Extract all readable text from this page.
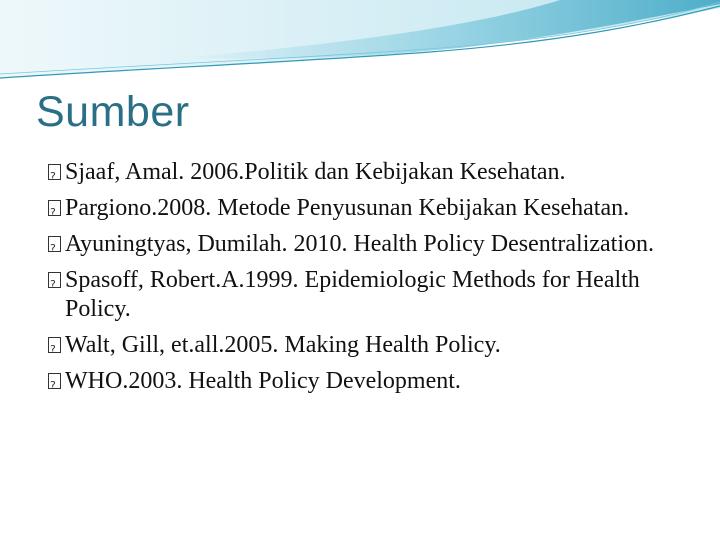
Sumber
?
Sjaaf, Amal. 2006.Politik dan Kebijakan Kesehatan.
?
Pargiono.2008. Metode Penyusunan Kebijakan Kesehatan.
?
Ayuningtyas, Dumilah. 2010. Health Policy Desentralization.
?
Spasoff, Robert.A.1999. Epidemiologic Methods for Health Policy.
?
Walt, Gill, et.all.2005. Making Health Policy.
?
WHO.2003. Health Policy Development.
